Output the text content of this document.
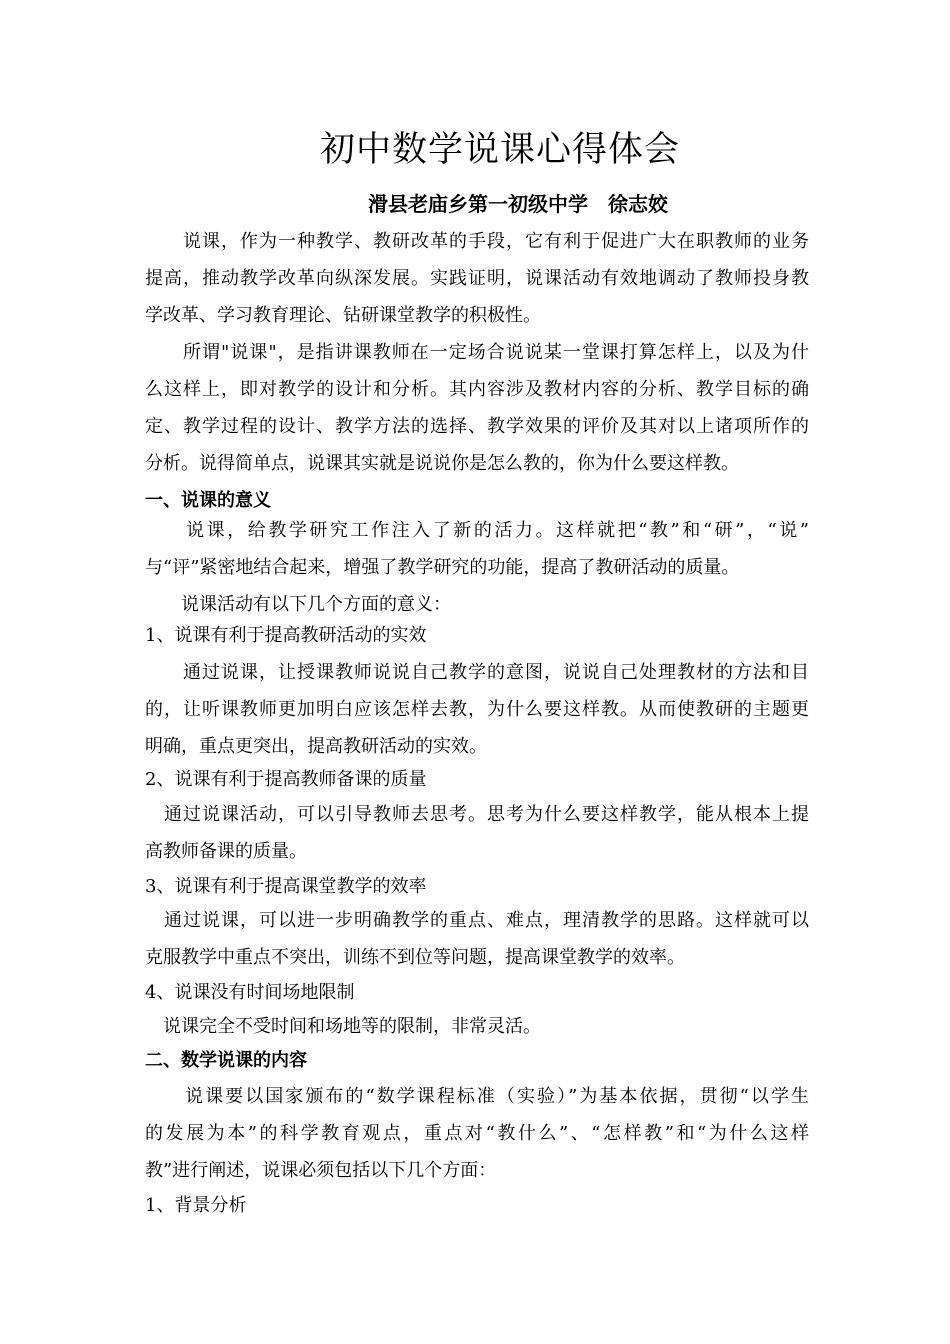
初中数学说课心得体会
滑县老庙乡第一初级中学　徐志姣
　　说课，作为一种教学、教研改革的手段，它有利于促进广大在职教师的业务
提高，推动教学改革向纵深发展。实践证明，说课活动有效地调动了教师投身教
学改革、学习教育理论、钻研课堂教学的积极性。
　　所谓"说课"，是指讲课教师在一定场合说说某一堂课打算怎样上，以及为什
么这样上，即对教学的设计和分析。其内容涉及教材内容的分析、教学目标的确
定、教学过程的设计、教学方法的选择、教学效果的评价及其对以上诸项所作的
分析。说得简单点，说课其实就是说说你是怎么教的，你为什么要这样教。
一、说课的意义
　　说课，给教学研究工作注入了新的活力。这样就把“教”和“研”，“说”
与“评”紧密地结合起来，增强了教学研究的功能，提高了教研活动的质量。
　　说课活动有以下几个方面的意义：
1、说课有利于提高教研活动的实效
　　通过说课，让授课教师说说自己教学的意图，说说自己处理教材的方法和目
的，让听课教师更加明白应该怎样去教，为什么要这样教。从而使教研的主题更
明确，重点更突出，提高教研活动的实效。
2、说课有利于提高教师备课的质量
　通过说课活动，可以引导教师去思考。思考为什么要这样教学，能从根本上提
高教师备课的质量。
3、说课有利于提高课堂教学的效率
　通过说课，可以进一步明确教学的重点、难点，理清教学的思路。这样就可以
克服教学中重点不突出，训练不到位等问题，提高课堂教学的效率。
4、说课没有时间场地限制
　说课完全不受时间和场地等的限制，非常灵活。
二、数学说课的内容
　　说课要以国家颁布的“数学课程标准（实验）”为基本依据，贯彻“以学生
的发展为本”的科学教育观点，重点对“教什么”、“怎样教”和“为什么这样
教”进行阐述，说课必须包括以下几个方面：
1、背景分析
